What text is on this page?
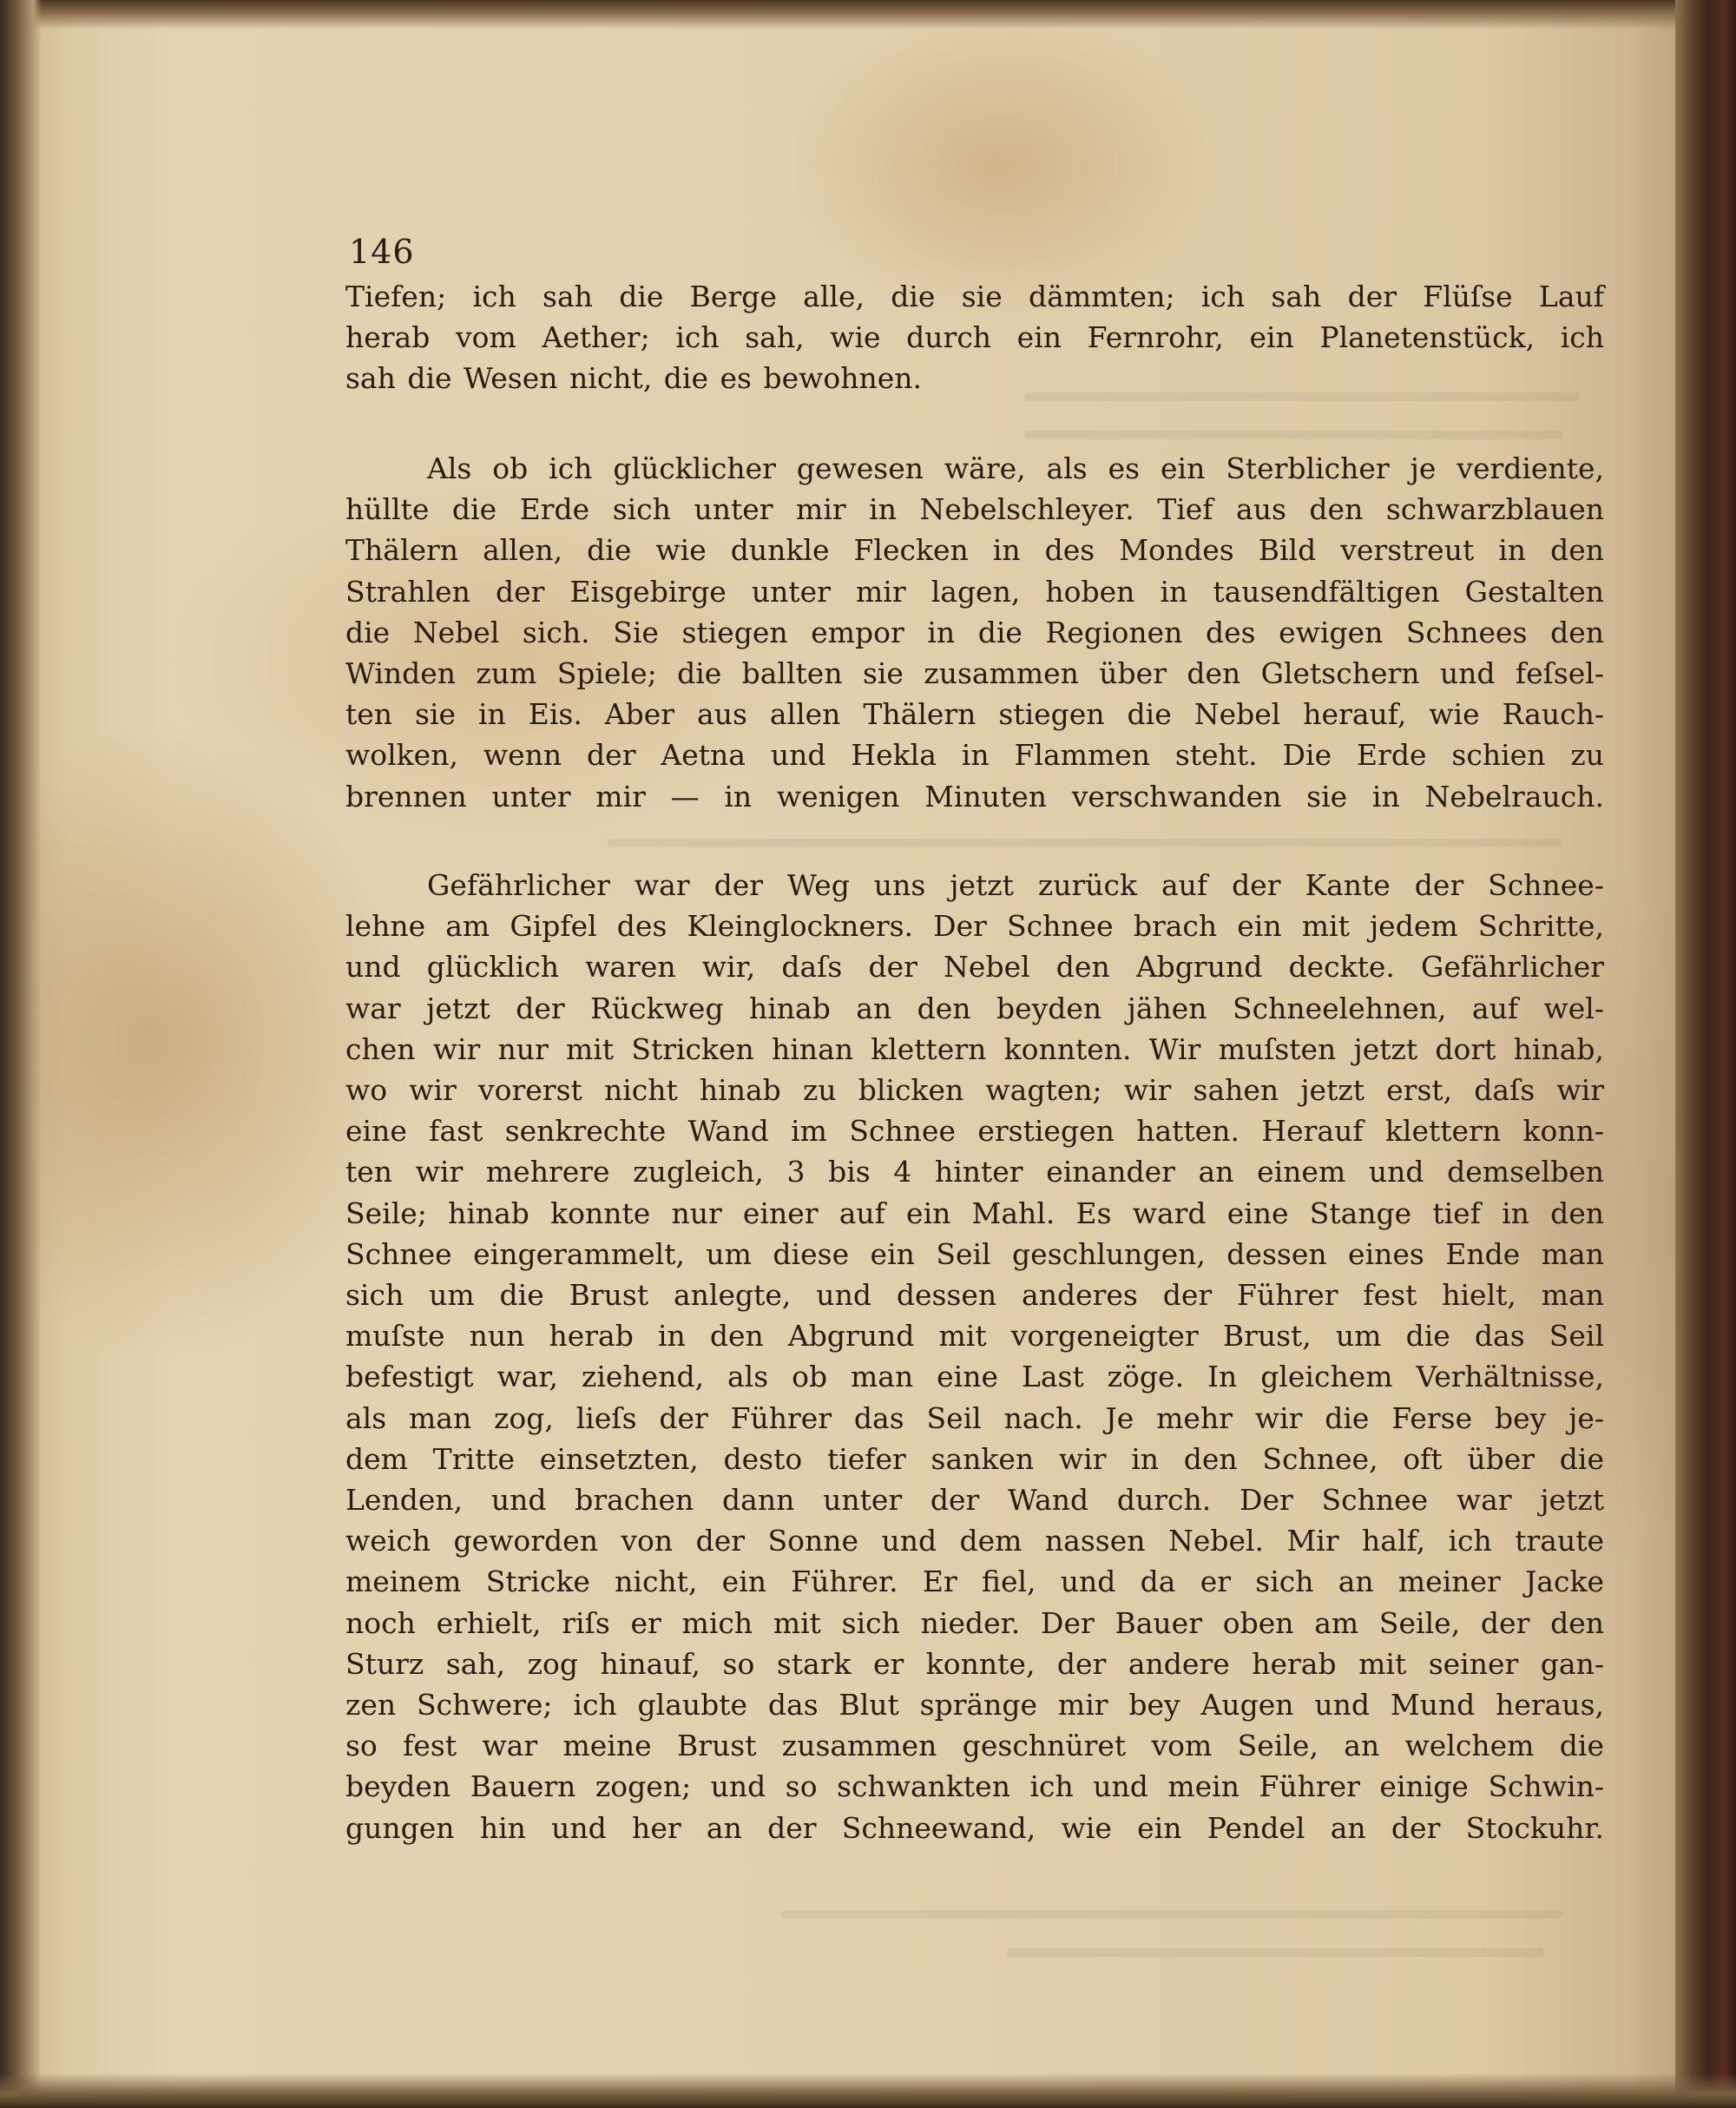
146
Tiefen; ich sah die Berge alle, die sie dämmten; ich sah der Flüſse Lauf
herab vom Aether; ich sah, wie durch ein Fernrohr, ein Planetenstück, ich
sah die Wesen nicht, die es bewohnen.
Als ob ich glücklicher gewesen wäre, als es ein Sterblicher je verdiente,
hüllte die Erde sich unter mir in Nebelschleyer. Tief aus den schwarzblauen
Thälern allen, die wie dunkle Flecken in des Mondes Bild verstreut in den
Strahlen der Eisgebirge unter mir lagen, hoben in tausendfältigen Gestalten
die Nebel sich. Sie stiegen empor in die Regionen des ewigen Schnees den
Winden zum Spiele; die ballten sie zusammen über den Gletschern und feſsel-
ten sie in Eis. Aber aus allen Thälern stiegen die Nebel herauf, wie Rauch-
wolken, wenn der Aetna und Hekla in Flammen steht. Die Erde schien zu
brennen unter mir — in wenigen Minuten verschwanden sie in Nebelrauch.
Gefährlicher war der Weg uns jetzt zurück auf der Kante der Schnee-
lehne am Gipfel des Kleinglockners. Der Schnee brach ein mit jedem Schritte,
und glücklich waren wir, daſs der Nebel den Abgrund deckte. Gefährlicher
war jetzt der Rückweg hinab an den beyden jähen Schneelehnen, auf wel-
chen wir nur mit Stricken hinan klettern konnten. Wir muſsten jetzt dort hinab,
wo wir vorerst nicht hinab zu blicken wagten; wir sahen jetzt erst, daſs wir
eine fast senkrechte Wand im Schnee erstiegen hatten. Herauf klettern konn-
ten wir mehrere zugleich, 3 bis 4 hinter einander an einem und demselben
Seile; hinab konnte nur einer auf ein Mahl. Es ward eine Stange tief in den
Schnee eingerammelt, um diese ein Seil geschlungen, dessen eines Ende man
sich um die Brust anlegte, und dessen anderes der Führer fest hielt, man
muſste nun herab in den Abgrund mit vorgeneigter Brust, um die das Seil
befestigt war, ziehend, als ob man eine Last zöge. In gleichem Verhältnisse,
als man zog, lieſs der Führer das Seil nach. Je mehr wir die Ferse bey je-
dem Tritte einsetzten, desto tiefer sanken wir in den Schnee, oft über die
Lenden, und brachen dann unter der Wand durch. Der Schnee war jetzt
weich geworden von der Sonne und dem nassen Nebel. Mir half, ich traute
meinem Stricke nicht, ein Führer. Er fiel, und da er sich an meiner Jacke
noch erhielt, riſs er mich mit sich nieder. Der Bauer oben am Seile, der den
Sturz sah, zog hinauf, so stark er konnte, der andere herab mit seiner gan-
zen Schwere; ich glaubte das Blut spränge mir bey Augen und Mund heraus,
so fest war meine Brust zusammen geschnüret vom Seile, an welchem die
beyden Bauern zogen; und so schwankten ich und mein Führer einige Schwin-
gungen hin und her an der Schneewand, wie ein Pendel an der Stockuhr.
